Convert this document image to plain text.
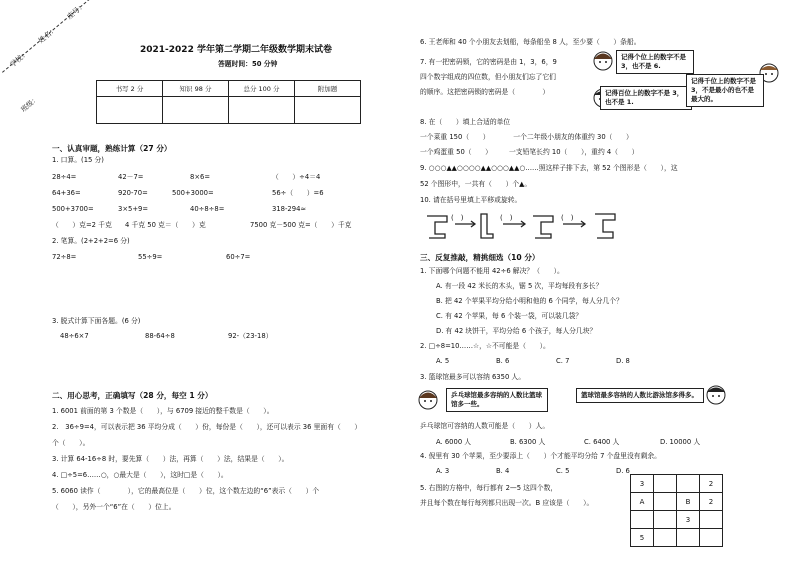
学校： 姓名： 座号：
班级：
2021-2022 学年第二学期二年级数学期末试卷
答题时间：50 分钟
书写 2 分	知识 98 分	总分 100 分	附加题

一、认真审题，熟练计算（27 分）
1. 口算。(15 分)
28÷4=	42－7=	8×6=	（　　）÷4＝4
64+36=	920-70=	500+3000=	56÷（　　）=6
500+3700=	3×5+9=	40÷8÷8=	318-294≈
（　　）克=2 千克 4 千克 50 克＝（　　）克	7500 克－500 克=（　　）千克
2. 笔算。(2+2+2=6 分)
72÷8=	55÷9=	60÷7=
3. 脱式计算下面各题。(6 分)
48÷6×7	88-64÷8	92-（23-18）
二、用心思考，正确填写（28 分，每空 1 分）
1. 6001 前面的第 3 个数是（　　），与 6709 接近的整千数是（　　）。
2.　36÷9=4，可以表示把 36 平均分成（　　）份，每份是（　　），还可以表示 36 里面有（　　）
个（　　）。
3. 计算 64-16÷8 时，要先算（　　）法，再算（　　）法，结果是（　　）。
4. □÷5=6……○，○最大是（　　），这时□是（　　）。
5. 6060 读作（　　　　），它的最高位是（　　）位，这个数左边的“6”表示（　　）个
（　　），另外一个“6”在（　　）位上。
6. 王老师和 40 个小朋友去划船，每条船坐 8 人，至少要（　　）条船。
7. 有一把密码锁，它的密码是由 1，3，6，9
四个数字组成的四位数，但小朋友们忘了它们
的顺序。这把密码锁的密码是（　　　　）
记得个位上的数字不是 3，也不是 6.
记得百位上的数字不是 3，也不是 1.
记得千位上的数字不是 3，不是最小的也不是最大的。
8. 在（　　）填上合适的单位
一个菜重 150（　　）　　　　一个二年级小朋友的体重约 30（　　）
一个鸡蛋重 50（　　）　　　一支铅笔长约 10（　　），重约 4（　　）
9. ○○○▲▲○○○○▲▲○○○▲▲○……照这样子排下去，第 52 个图形是（　　），这
52 个图形中，一共有（　　）个▲。
10. 请在括号里填上平移或旋转。
(　)	(　)	(　)
三、反复推敲，精挑细选（10 分）
1. 下面哪个问题不能用 42÷6 解决？（　　）。
A. 有一段 42 米长的木头，锯 5 次，平均每段有多长？
B. 把 42 个苹果平均分给小明和他的 6 个同学，每人分几个？
C. 有 42 个苹果，每 6 个装一袋，可以装几袋？
D. 有 42 块饼干，平均分给 6 个孩子，每人分几块？
2. □÷8=10……☆，☆不可能是（　　）。
A. 5	B. 6	C. 7	D. 8
3. 篮球馆最多可以容纳 6350 人。
乒乓球馆最多容纳的人数比篮球馆多一些。
篮球馆最多容纳的人数比游泳馆多得多。
乒乓球馆可容纳的人数可能是（　　）人。
A. 6000 人	B. 6300 人	C. 6400 人	D. 10000 人
4. 倪里有 30 个苹果，至少要添上（　　）个才能平均分给 7 个盘里没有剩余。
A. 3	B. 4	C. 5	D. 6
5. 右图的方格中，每行都有 2—5 这四个数，
并且每个数在每行每列都只出现一次。B 应该是（　　）。
3			2
A		B	2
		3	
5			
